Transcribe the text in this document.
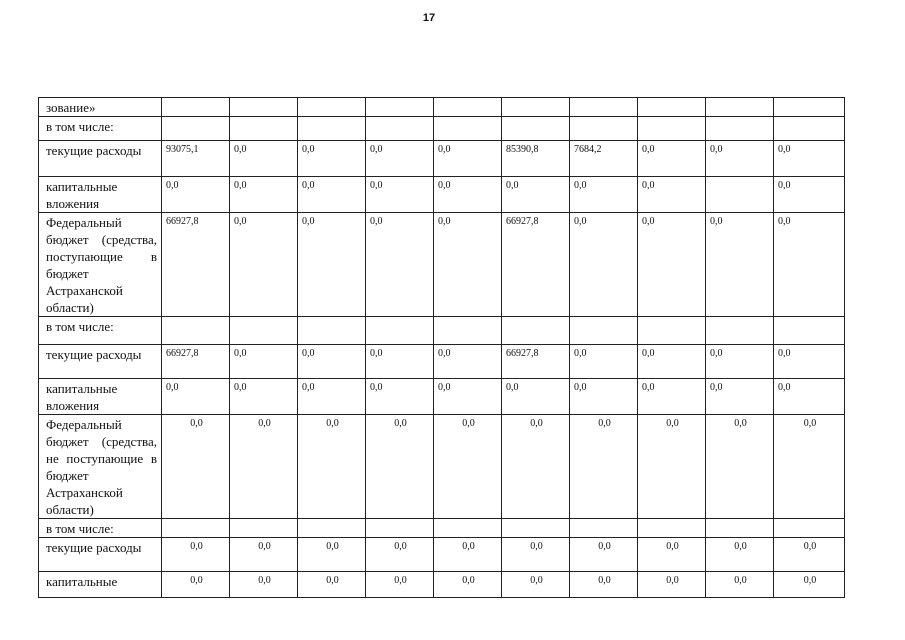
17
зование»										
в том числе:										
текущие расходы	93075,1	0,0	0,0	0,0	0,0	85390,8	7684,2	0,0	0,0	0,0
капитальные вложения	0,0	0,0	0,0	0,0	0,0	0,0	0,0	0,0		0,0
Федеральный бюджет (средства, поступающие в бюджет Астраханской области)	66927,8	0,0	0,0	0,0	0,0	66927,8	0,0	0,0	0,0	0,0
в том числе:										
текущие расходы	66927,8	0,0	0,0	0,0	0,0	66927,8	0,0	0,0	0,0	0,0
капитальные вложения	0,0	0,0	0,0	0,0	0,0	0,0	0,0	0,0	0,0	0,0
Федеральный бюджет (средства, не поступающие в бюджет Астраханской области)	0,0	0,0	0,0	0,0	0,0	0,0	0,0	0,0	0,0	0,0
в том числе:										
текущие расходы	0,0	0,0	0,0	0,0	0,0	0,0	0,0	0,0	0,0	0,0
капитальные	0,0	0,0	0,0	0,0	0,0	0,0	0,0	0,0	0,0	0,0
